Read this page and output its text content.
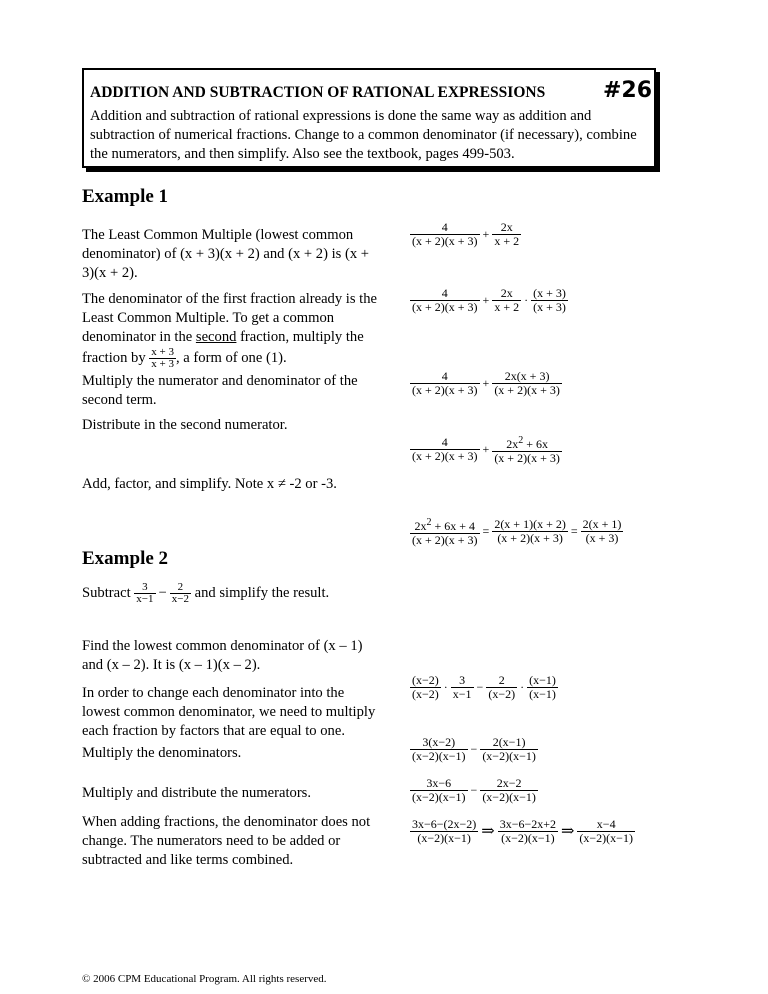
ADDITION AND SUBTRACTION OF RATIONAL EXPRESSIONS	#26
Addition and subtraction of rational expressions is done the same way as addition and subtraction of numerical fractions. Change to a common denominator (if necessary), combine the numerators, and then simplify. Also see the textbook, pages 499-503.
Example 1
The Least Common Multiple (lowest common denominator) of (x + 3)(x + 2) and (x + 2) is (x + 3)(x + 2).
The denominator of the first fraction already is the Least Common Multiple. To get a common denominator in the second fraction, multiply the fraction by $\frac{x + 3}{x + 3}$ , a form of one (1).
Multiply the numerator and denominator of the second term.
Distribute in the second numerator.
Add, factor, and simplify. Note x ≠ -2 or -3.
$\frac{4}{(x + 2)(x + 3)} + \frac{2x}{x + 2}$
$\frac{4}{(x + 2)(x + 3)} + \frac{2x}{x + 2} \cdot \frac{(x + 3)}{(x + 3)}$
$\frac{4}{(x + 2)(x + 3)} + \frac{2x(x + 3)}{(x + 2)(x + 3)}$
$\frac{4}{(x + 2)(x + 3)} + \frac{2x^2 + 6x}{(x + 2)(x + 3)}$
$\frac{2x^2 + 6x + 4}{(x + 2)(x + 3)} = \frac{2(x + 1)(x + 2)}{(x + 2)(x + 3)} = \frac{2(x + 1)}{(x + 3)}$
Example 2
Subtract $\frac{3}{x-1} - \frac{2}{x-2}$ and simplify the result.
Find the lowest common denominator of (x – 1) and (x – 2). It is (x – 1)(x – 2).
In order to change each denominator into the lowest common denominator, we need to multiply each fraction by factors that are equal to one.
Multiply the denominators.
Multiply and distribute the numerators.
When adding fractions, the denominator does not change. The numerators need to be added or subtracted and like terms combined.
$\frac{(x-2)}{(x-2)} \cdot \frac{3}{x-1} - \frac{2}{(x-2)} \cdot \frac{(x-1)}{(x-1)}$
$\frac{3(x-2)}{(x-2)(x-1)} - \frac{2(x-1)}{(x-2)(x-1)}$
$\frac{3x-6}{(x-2)(x-1)} - \frac{2x-2}{(x-2)(x-1)}$
$\frac{3x-6-(2x-2)}{(x-2)(x-1)}$ ⇒ $\frac{3x-6-2x+2}{(x-2)(x-1)}$ ⇒ $\frac{x-4}{(x-2)(x-1)}$
© 2006 CPM Educational Program. All rights reserved.
